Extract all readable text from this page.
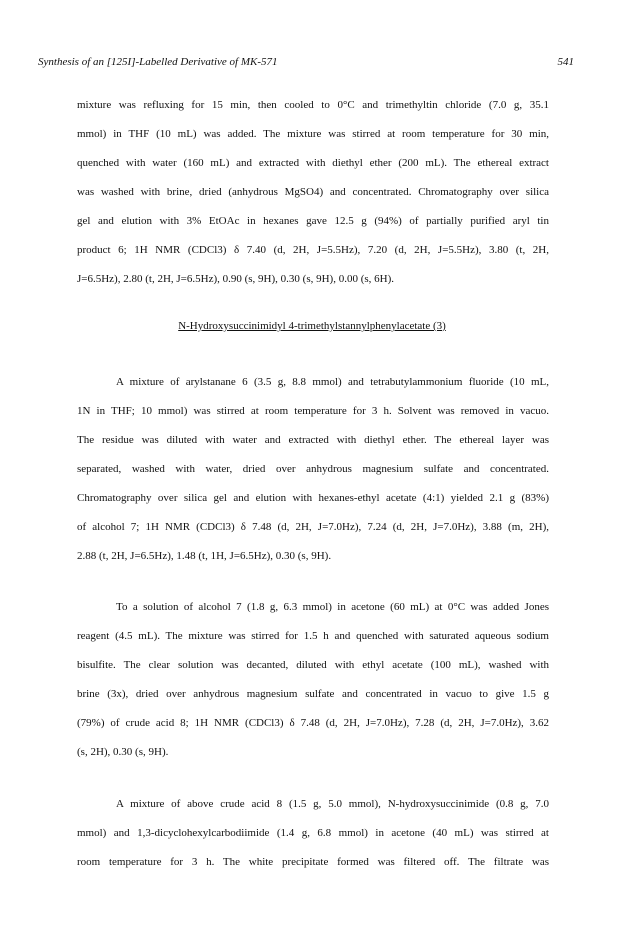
Synthesis of an [125I]-Labelled Derivative of MK-571	541
mixture was refluxing for 15 min, then cooled to 0°C and trimethyltin chloride (7.0 g, 35.1
mmol) in THF (10 mL) was added. The mixture was stirred at room temperature for 30 min,
quenched with water (160 mL) and extracted with diethyl ether (200 mL). The ethereal extract
was washed with brine, dried (anhydrous MgSO4) and concentrated. Chromatography over silica
gel and elution with 3% EtOAc in hexanes gave 12.5 g (94%) of partially purified aryl tin
product 6; 1H NMR (CDCl3) δ 7.40 (d, 2H, J=5.5Hz), 7.20 (d, 2H, J=5.5Hz), 3.80 (t, 2H,
J=6.5Hz), 2.80 (t, 2H, J=6.5Hz), 0.90 (s, 9H), 0.30 (s, 9H), 0.00 (s, 6H).
N-Hydroxysuccinimidyl 4-trimethylstannylphenylacetate (3)
A mixture of arylstanane 6 (3.5 g, 8.8 mmol) and tetrabutylammonium fluoride (10 mL,
1N in THF; 10 mmol) was stirred at room temperature for 3 h. Solvent was removed in vacuo.
The residue was diluted with water and extracted with diethyl ether. The ethereal layer was
separated, washed with water, dried over anhydrous magnesium sulfate and concentrated.
Chromatography over silica gel and elution with hexanes-ethyl acetate (4:1) yielded 2.1 g (83%)
of alcohol 7; 1H NMR (CDCl3) δ 7.48 (d, 2H, J=7.0Hz), 7.24 (d, 2H, J=7.0Hz), 3.88 (m, 2H),
2.88 (t, 2H, J=6.5Hz), 1.48 (t, 1H, J=6.5Hz), 0.30 (s, 9H).
To a solution of alcohol 7 (1.8 g, 6.3 mmol) in acetone (60 mL) at 0°C was added Jones
reagent (4.5 mL). The mixture was stirred for 1.5 h and quenched with saturated aqueous sodium
bisulfite. The clear solution was decanted, diluted with ethyl acetate (100 mL), washed with
brine (3x), dried over anhydrous magnesium sulfate and concentrated in vacuo to give 1.5 g
(79%) of crude acid 8; 1H NMR (CDCl3) δ 7.48 (d, 2H, J=7.0Hz), 7.28 (d, 2H, J=7.0Hz), 3.62
(s, 2H), 0.30 (s, 9H).
A mixture of above crude acid 8 (1.5 g, 5.0 mmol), N-hydroxysuccinimide (0.8 g, 7.0
mmol) and 1,3-dicyclohexylcarbodiimide (1.4 g, 6.8 mmol) in acetone (40 mL) was stirred at
room temperature for 3 h. The white precipitate formed was filtered off. The filtrate was
